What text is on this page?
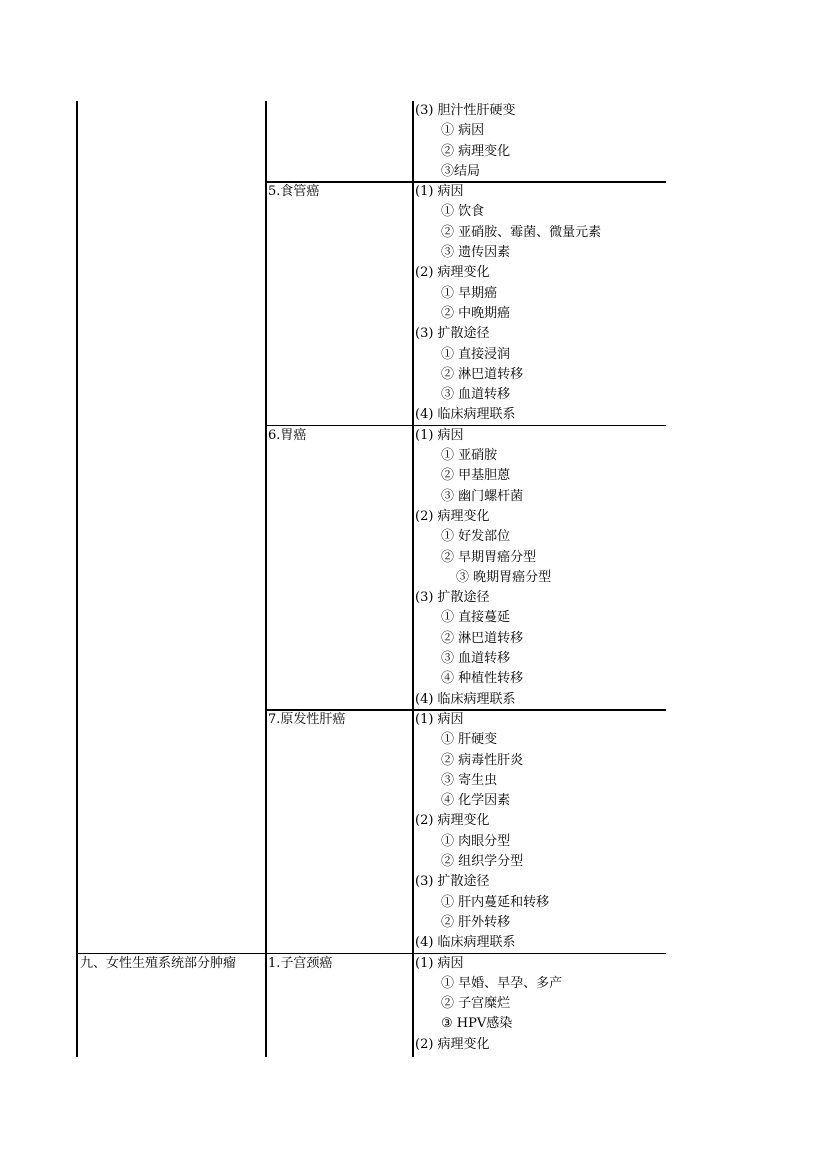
(3) 胆汁性肝硬变
① 病因
② 病理变化
③结局
5.食管癌	(1) 病因
① 饮食
② 亚硝胺、霉菌、微量元素
③ 遗传因素
(2) 病理变化
① 早期癌
② 中晚期癌
(3) 扩散途径
① 直接浸润
② 淋巴道转移
③ 血道转移
(4) 临床病理联系
6.胃癌	(1) 病因
① 亚硝胺
② 甲基胆蒽
③ 幽门螺杆菌
(2) 病理变化
① 好发部位
② 早期胃癌分型
③ 晚期胃癌分型
(3) 扩散途径
① 直接蔓延
② 淋巴道转移
③ 血道转移
④ 种植性转移
(4) 临床病理联系
7.原发性肝癌	(1) 病因
① 肝硬变
② 病毒性肝炎
③ 寄生虫
④ 化学因素
(2) 病理变化
① 肉眼分型
② 组织学分型
(3) 扩散途径
① 肝内蔓延和转移
② 肝外转移
(4) 临床病理联系
九、女性生殖系统部分肿瘤 1.子宫颈癌	(1) 病因
① 早婚、早孕、多产
② 子宫糜烂
③ HPV感染
(2) 病理变化
